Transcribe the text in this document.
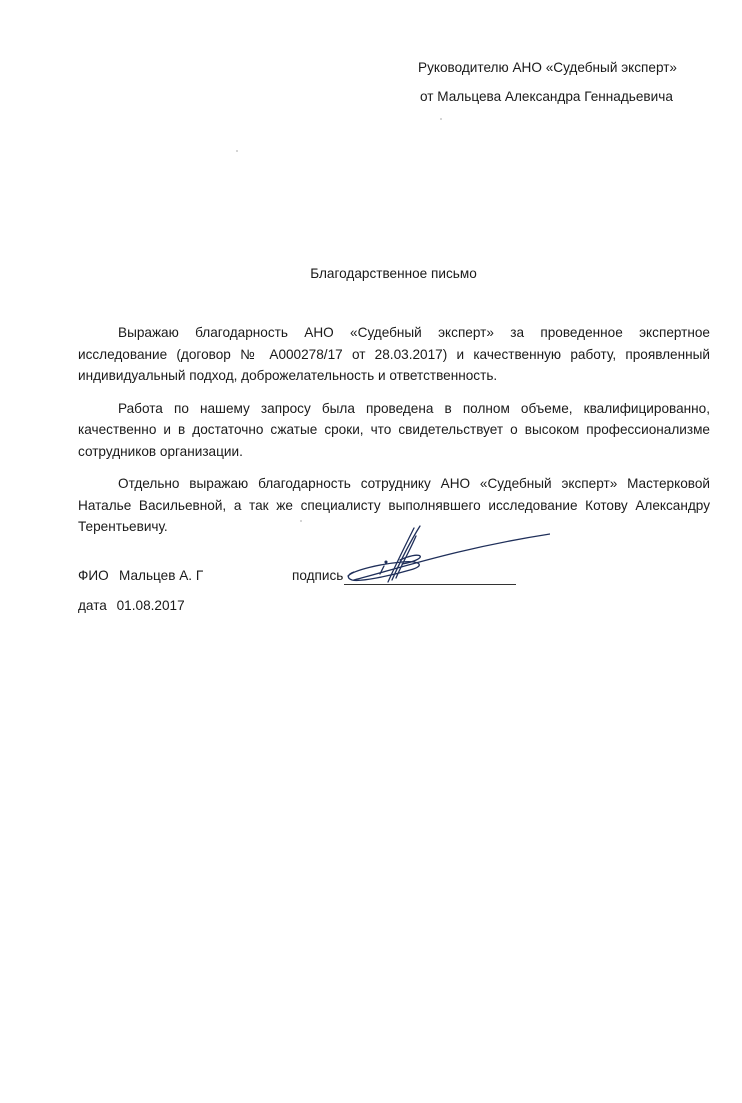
Руководителю АНО «Судебный эксперт»
от Мальцева Александра Геннадьевича
Благодарственное письмо

Выражаю благодарность АНО «Судебный эксперт» за проведенное экспертное исследование (договор № А000278/17 от 28.03.2017) и качественную работу, проявленный индивидуальный подход, доброжелательность и ответственность.

Работа по нашему запросу была проведена в полном объеме, квалифицированно, качественно и в достаточно сжатые сроки, что свидетельствует о высоком профессионализме сотрудников организации.

Отдельно выражаю благодарность сотруднику АНО «Судебный эксперт» Мастерковой Наталье Васильевной, а так же специалисту выполнявшего исследование Котову Александру Терентьевичу.

ФИО Мальцев А. Г	подпись
дата 01.08.2017
